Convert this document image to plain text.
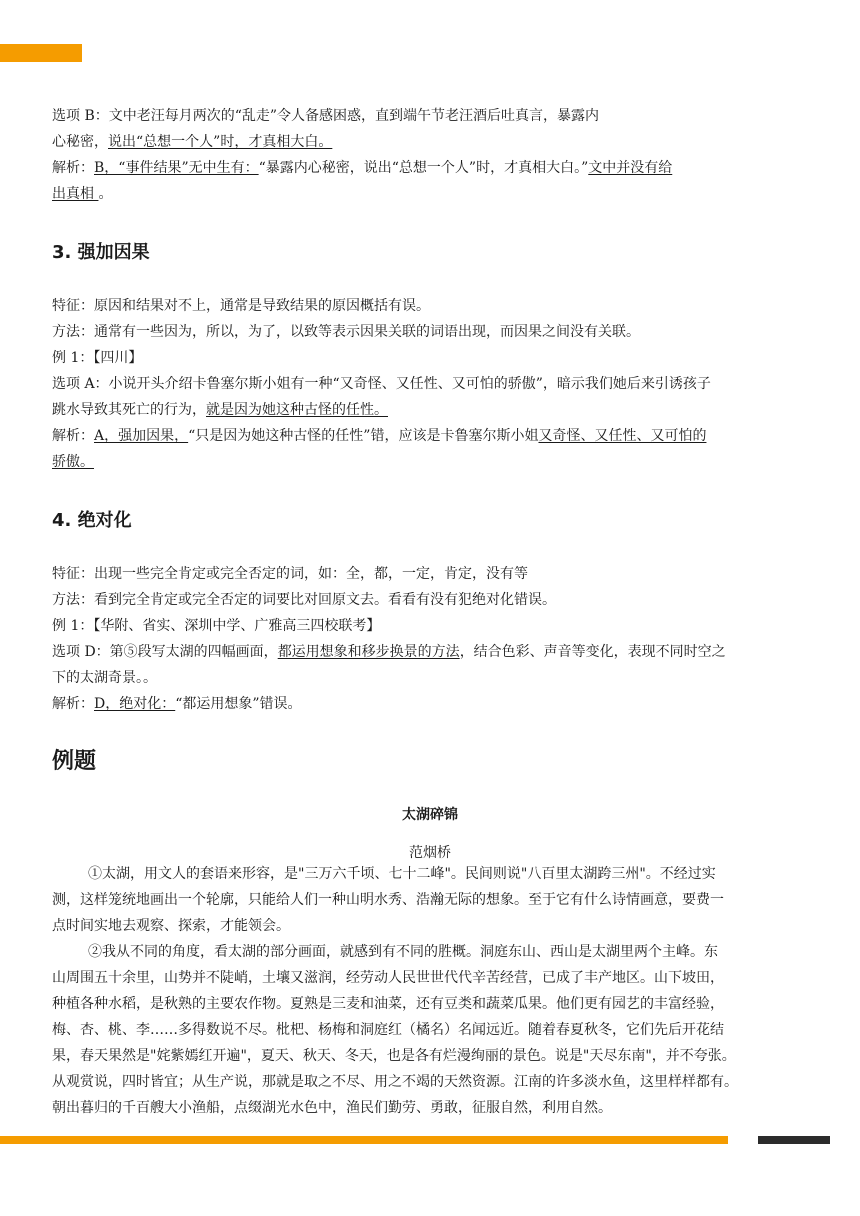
选项 B：文中老汪每月两次的“乱走”令人备感困惑，直到端午节老汪酒后吐真言，暴露内
心秘密，说出“总想一个人”时，才真相大白。
解析：B，“事件结果”无中生有：“暴露内心秘密，说出“总想一个人”时，才真相大白。”文中并没有给
出真相 。
3. 强加因果
特征：原因和结果对不上，通常是导致结果的原因概括有误。
方法：通常有一些因为，所以，为了，以致等表示因果关联的词语出现，而因果之间没有关联。
例 1：【四川】
选项 A：小说开头介绍卡鲁塞尔斯小姐有一种“又奇怪、又任性、又可怕的骄傲”，暗示我们她后来引诱孩子
跳水导致其死亡的行为，就是因为她这种古怪的任性。
解析：A，强加因果，“只是因为她这种古怪的任性”错，应该是卡鲁塞尔斯小姐又奇怪、又任性、又可怕的
骄傲。
4. 绝对化
特征：出现一些完全肯定或完全否定的词，如：全，都，一定，肯定，没有等
方法：看到完全肯定或完全否定的词要比对回原文去。看看有没有犯绝对化错误。
例 1：【华附、省实、深圳中学、广雅高三四校联考】
选项 D：第⑤段写太湖的四幅画面，都运用想象和移步换景的方法，结合色彩、声音等变化，表现不同时空之
下的太湖奇景。。
解析：D，绝对化：“都运用想象”错误。
例题
太湖碎锦
范烟桥
①太湖，用文人的套语来形容，是"三万六千顷、七十二峰"。民间则说"八百里太湖跨三州"。不经过实
测，这样笼统地画出一个轮廓，只能给人们一种山明水秀、浩瀚无际的想象。至于它有什么诗情画意，要费一
点时间实地去观察、探索，才能领会。
②我从不同的角度，看太湖的部分画面，就感到有不同的胜概。洞庭东山、西山是太湖里两个主峰。东
山周围五十余里，山势并不陡峭，土壤又滋润，经劳动人民世世代代辛苦经营，已成了丰产地区。山下坡田，
种植各种水稻，是秋熟的主要农作物。夏熟是三麦和油菜，还有豆类和蔬菜瓜果。他们更有园艺的丰富经验，
梅、杏、桃、李……多得数说不尽。枇杷、杨梅和洞庭红（橘名）名闻远近。随着春夏秋冬，它们先后开花结
果，春天果然是"姹紫嫣红开遍"，夏天、秋天、冬天，也是各有烂漫绚丽的景色。说是"天尽东南"，并不夸张。
从观赏说，四时皆宜；从生产说，那就是取之不尽、用之不竭的天然资源。江南的许多淡水鱼，这里样样都有。
朝出暮归的千百艘大小渔船，点缀湖光水色中，渔民们勤劳、勇敢，征服自然，利用自然。
